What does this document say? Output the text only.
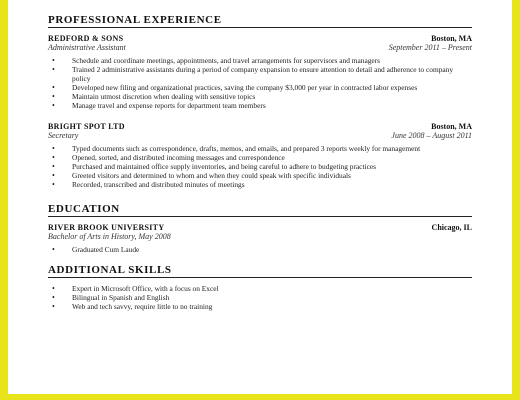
PROFESSIONAL EXPERIENCE
REDFORD & SONS	Boston, MA
Administrative Assistant	September 2011 – Present
• Schedule and coordinate meetings, appointments, and travel arrangements for supervisors and managers
• Trained 2 administrative assistants during a period of company expansion to ensure attention to detail and adherence to company policy
• Developed new filing and organizational practices, saving the company $3,000 per year in contracted labor expenses
• Maintain utmost discretion when dealing with sensitive topics
• Manage travel and expense reports for department team members
BRIGHT SPOT LTD	Boston, MA
Secretary	June 2008 – August 2011
• Typed documents such as correspondence, drafts, memos, and emails, and prepared 3 reports weekly for management
• Opened, sorted, and distributed incoming messages and correspondence
• Purchased and maintained office supply inventories, and being careful to adhere to budgeting practices
• Greeted visitors and determined to whom and when they could speak with specific individuals
• Recorded, transcribed and distributed minutes of meetings
EDUCATION
RIVER BROOK UNIVERSITY	Chicago, IL
Bachelor of Arts in History, May 2008
• Graduated Cum Laude
ADDITIONAL SKILLS
• Expert in Microsoft Office, with a focus on Excel
• Bilingual in Spanish and English
• Web and tech savvy, require little to no training
